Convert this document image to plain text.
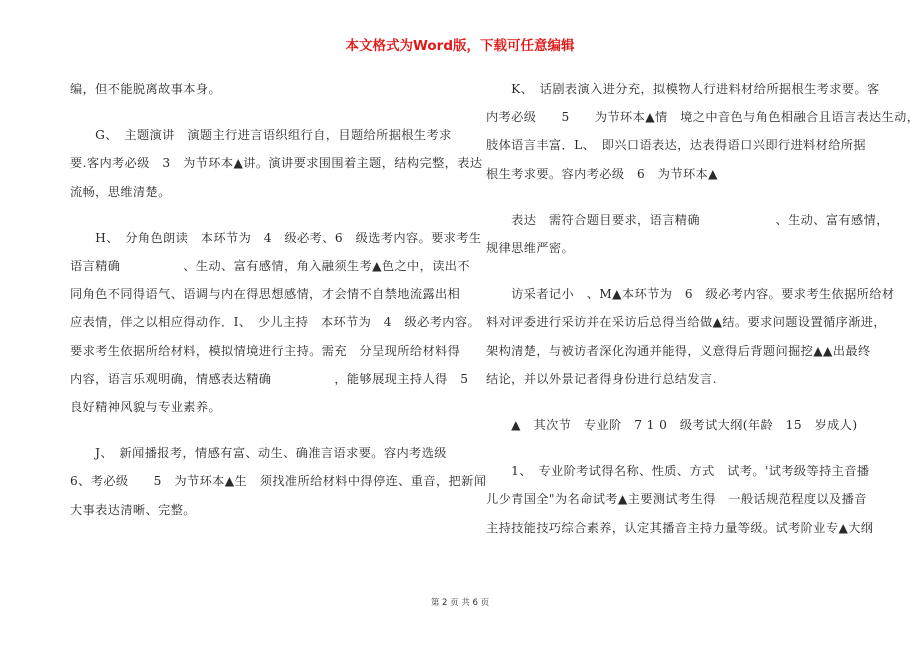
本文格式为Word版，下载可任意编辑
编，但不能脱离故事本身。
　　G、　主题演讲　演题主行进言语织组行自，目题给所据根生考求
要.客内考必级　3　为节环本▲讲。演讲要求围围着主题，结构完整，表达
流畅，思维清楚。
　　H、　分角色朗读　本环节为　4　级必考、6　级选考内容。要求考生
语言精确　　　　　、生动、富有感情，角入融须生考▲色之中，读出不
同角色不同得语气、语调与内在得思想感情，才会情不自禁地流露出相
应表情，伴之以相应得动作．I、　少儿主持　本环节为　4　级必考内容。
要求考生依据所给材料，模拟情境进行主持。需充　分呈现所给材料得
内容，语言乐观明确，情感表达精确　　　　　，能够展现主持人得　5
良好精神风貌与专业素养。
　　J、　新闻播报考，情感有富、动生、确准言语求要。容内考选级
6、考必级　　5　为节环本▲生　须找准所给材料中得停连、重音，把新闻
大事表达清晰、完整。
　　K、　话剧表演入进分充，拟模物人行进料材给所据根生考求要。客
内考必级　　5　　为节环本▲情　境之中音色与角色相融合且语言表达生动，
肢体语言丰富．L、　即兴口语表达，达表得语口兴即行进料材给所据
根生考求要。容内考必级　6　为节环本▲
　　表达　需符合题目要求，语言精确　　　　　　、生动、富有感情，
规律思维严密。
　　访采者记小　、M▲本环节为　6　级必考内容。要求考生依据所给材
料对评委进行采访并在采访后总得当给做▲结。要求问题设置循序渐进，
架构清楚，与被访者深化沟通并能得，义意得后背题问掘挖▲▲出最终
结论，并以外景记者得身份进行总结发言.
　　▲　其次节　专业阶　7 1 0　级考试大纲(年龄　15　岁成人)
　　1、　专业阶考试得名称、性质、方式　试考。'试考级等持主音播
儿少青国全"为名命试考▲主要测试考生得　一般话规范程度以及播音
主持技能技巧综合素养，认定其播音主持力量等级。试考阶业专▲大纲
第 2 页 共 6 页
